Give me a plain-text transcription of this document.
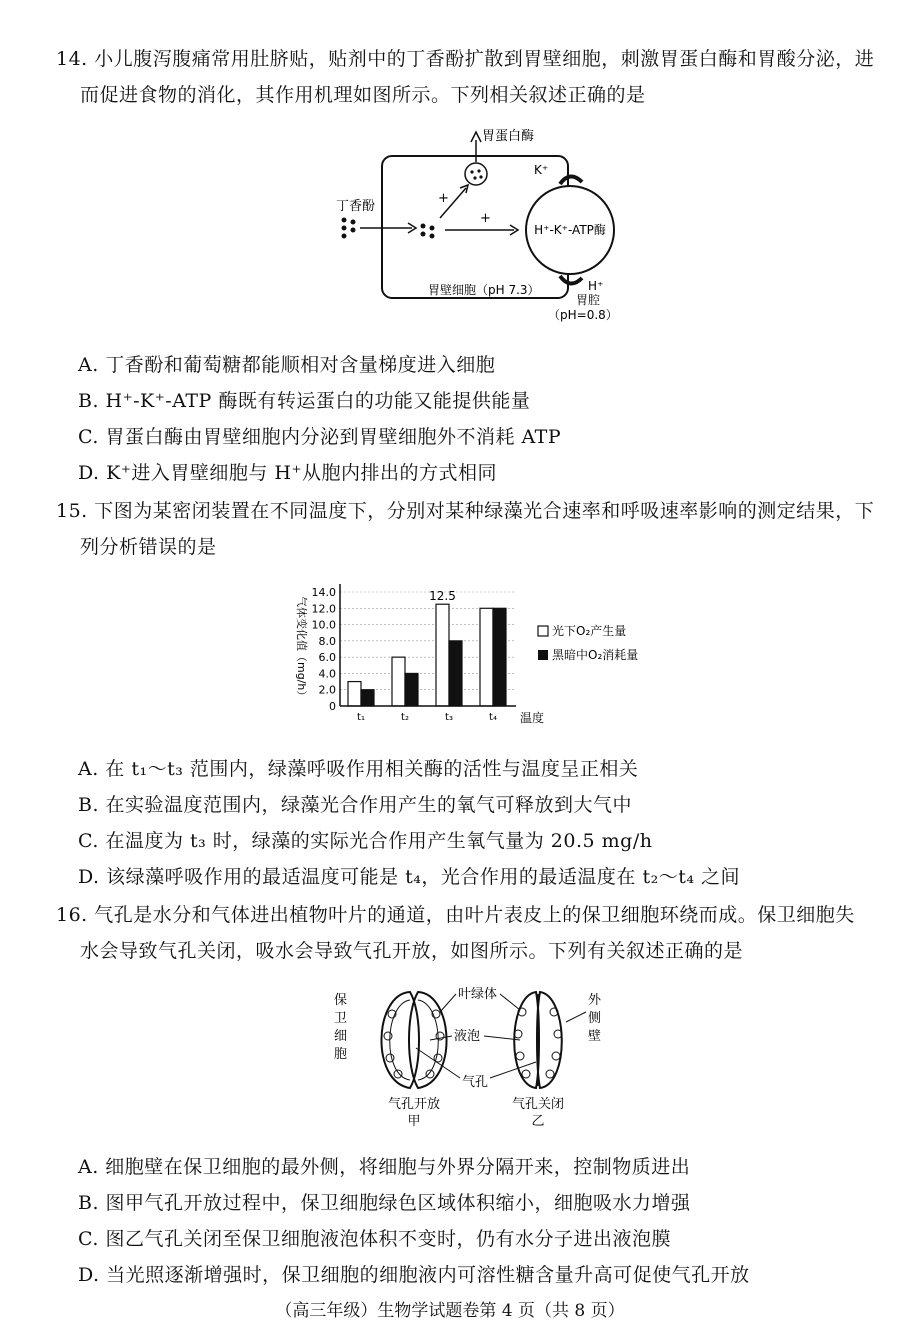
14. 小儿腹泻腹痛常用肚脐贴，贴剂中的丁香酚扩散到胃壁细胞，刺激胃蛋白酶和胃酸分泌，进
而促进食物的消化，其作用机理如图所示。下列相关叙述正确的是
胃蛋白酶
丁香酚
+
+
H⁺-K⁺-ATP酶
K⁺
H⁺
胃壁细胞（pH 7.3）
胃腔
（pH=0.8）
A. 丁香酚和葡萄糖都能顺相对含量梯度进入细胞
B. H⁺-K⁺-ATP 酶既有转运蛋白的功能又能提供能量
C. 胃蛋白酶由胃壁细胞内分泌到胃壁细胞外不消耗 ATP
D. K⁺进入胃壁细胞与 H⁺从胞内排出的方式相同
15. 下图为某密闭装置在不同温度下，分别对某种绿藻光合速率和呼吸速率影响的测定结果，下
列分析错误的是
气体变化值（mg/h）
0
2.0
4.0
6.0
8.0
10.0
12.0
14.0
t₁	t₂	t₃	t₄ 温度
12.5
光下O₂产生量
黑暗中O₂消耗量
A. 在 t₁～t₃ 范围内，绿藻呼吸作用相关酶的活性与温度呈正相关
B. 在实验温度范围内，绿藻光合作用产生的氧气可释放到大气中
C. 在温度为 t₃ 时，绿藻的实际光合作用产生氧气量为 20.5 mg/h
D. 该绿藻呼吸作用的最适温度可能是 t₄，光合作用的最适温度在 t₂～t₄ 之间
16. 气孔是水分和气体进出植物叶片的通道，由叶片表皮上的保卫细胞环绕而成。保卫细胞失
水会导致气孔关闭，吸水会导致气孔开放，如图所示。下列有关叙述正确的是
保
卫
细
胞
叶绿体
液泡
气孔
外
侧
壁
气孔开放
甲
气孔关闭
乙
A. 细胞壁在保卫细胞的最外侧，将细胞与外界分隔开来，控制物质进出
B. 图甲气孔开放过程中，保卫细胞绿色区域体积缩小，细胞吸水力增强
C. 图乙气孔关闭至保卫细胞液泡体积不变时，仍有水分子进出液泡膜
D. 当光照逐渐增强时，保卫细胞的细胞液内可溶性糖含量升高可促使气孔开放
（高三年级）生物学试题卷第 4 页（共 8 页）
